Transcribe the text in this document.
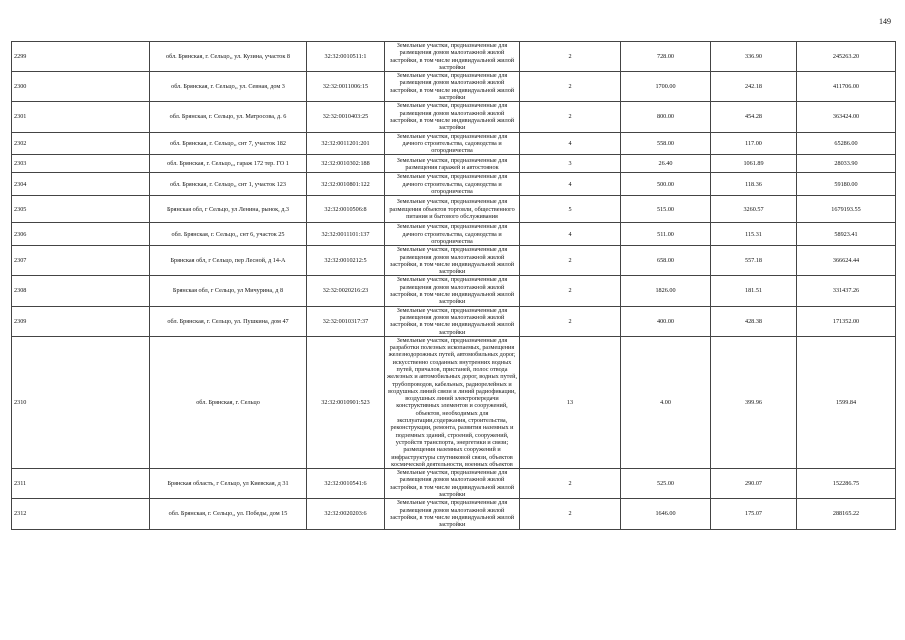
149
2299	обл. Брянская, г. Сельцо,, ул. Кузина, участок 8	32:32:0010511:1	Земельные участки, предназначенные для размещения домов малоэтажной жилой застройки, в том числе индивидуальной жилой застройки	2	728.00	336.90	245263.20
2300	обл. Брянская, г. Сельцо,, ул. Севная, дом 3	32:32:0011006:15	Земельные участки, предназначенные для размещения домов малоэтажной жилой застройки, в том числе индивидуальной жилой застройки	2	1700.00	242.18	411706.00
2301	обл. Брянская, г. Сельцо, ул. Матросова, д. 6	32:32:0010403:25	Земельные участки, предназначенные для размещения домов малоэтажной жилой застройки, в том числе индивидуальной жилой застройки	2	800.00	454.28	363424.00
2302	обл. Брянская, г. Сельцо,, снт 7, участок 182	32:32:0011201:201	Земельные участки, предназначенные для дачного строительства, садоводства и огородничества	4	558.00	117.00	65286.00
2303	обл. Брянская, г. Сельцо,,, гараж 172 тер. ГО 1	32:32:0010302:188	Земельные участки, предназначенные для размещения гаражей и автостоянок	3	26.40	1061.89	28033.90
2304	обл. Брянская, г. Сельцо,, снт 1, участок 123	32:32:0010801:122	Земельные участки, предназначенные для дачного строительства, садоводства и огородничества	4	500.00	118.36	59180.00
2305	Брянская обл, г Сельцо, ул Ленина, рынок, д.3	32:32:0010506:8	Земельные участки, предназначенные для размещения объектов торговли, общественного питания и бытового обслуживания	5	515.00	3260.57	1679193.55
2306	обл. Брянская, г. Сельцо,, снт 6, участок 25	32:32:0011101:137	Земельные участки, предназначенные для дачного строительства, садоводства и огородничества	4	511.00	115.31	58923.41
2307	Брянская обл, г Сельцо, пер Лесной, д 14-А	32:32:0010212:5	Земельные участки, предназначенные для размещения домов малоэтажной жилой застройки, в том числе индивидуальной жилой застройки	2	658.00	557.18	366624.44
2308	Брянская обл, г Сельцо, ул Мичурина, д 8	32:32:0020216:23	Земельные участки, предназначенные для размещения домов малоэтажной жилой застройки, в том числе индивидуальной жилой застройки	2	1826.00	181.51	331437.26
2309	обл. Брянская, г. Сельцо, ул. Пушкина, дом 47	32:32:0010317:37	Земельные участки, предназначенные для размещения домов малоэтажной жилой застройки, в том числе индивидуальной жилой застройки	2	400.00	428.38	171352.00
2310	обл. Брянская, г. Сельцо	32:32:0010901:523	Земельные участки, предназначенные для разработки полезных ископаемых, размещения железнодорожных путей, автомобильных дорог, искусственно созданных внутренних водных путей, причалов, пристаней, полос отвода железных и автомобильных дорог, водных путей, трубопроводов, кабельных, радиорелейных и воздушных линий связи и линий радиофикации, воздушных линий электропередачи конструктивных элементов и сооружений, объектов, необходимых для эксплуатации,содержания, строительства, реконструкции, ремонта, развития наземных и подземных зданий, строений, сооружений, устройств транспорта, энергетики и связи; размещения наземных сооружений и инфраструктуры спутниковой связи, объектов космической деятельности, военных объектов	13	4.00	399.96	1599.84
2311	Брянская область, г Сельцо, ул Киевская, д 31	32:32:0010541:6	Земельные участки, предназначенные для размещения домов малоэтажной жилой застройки, в том числе индивидуальной жилой застройки	2	525.00	290.07	152286.75
2312	обл. Брянская, г. Сельцо,, ул. Победы, дом 15	32:32:0020203:6	Земельные участки, предназначенные для размещения домов малоэтажной жилой застройки, в том числе индивидуальной жилой застройки	2	1646.00	175.07	288165.22
